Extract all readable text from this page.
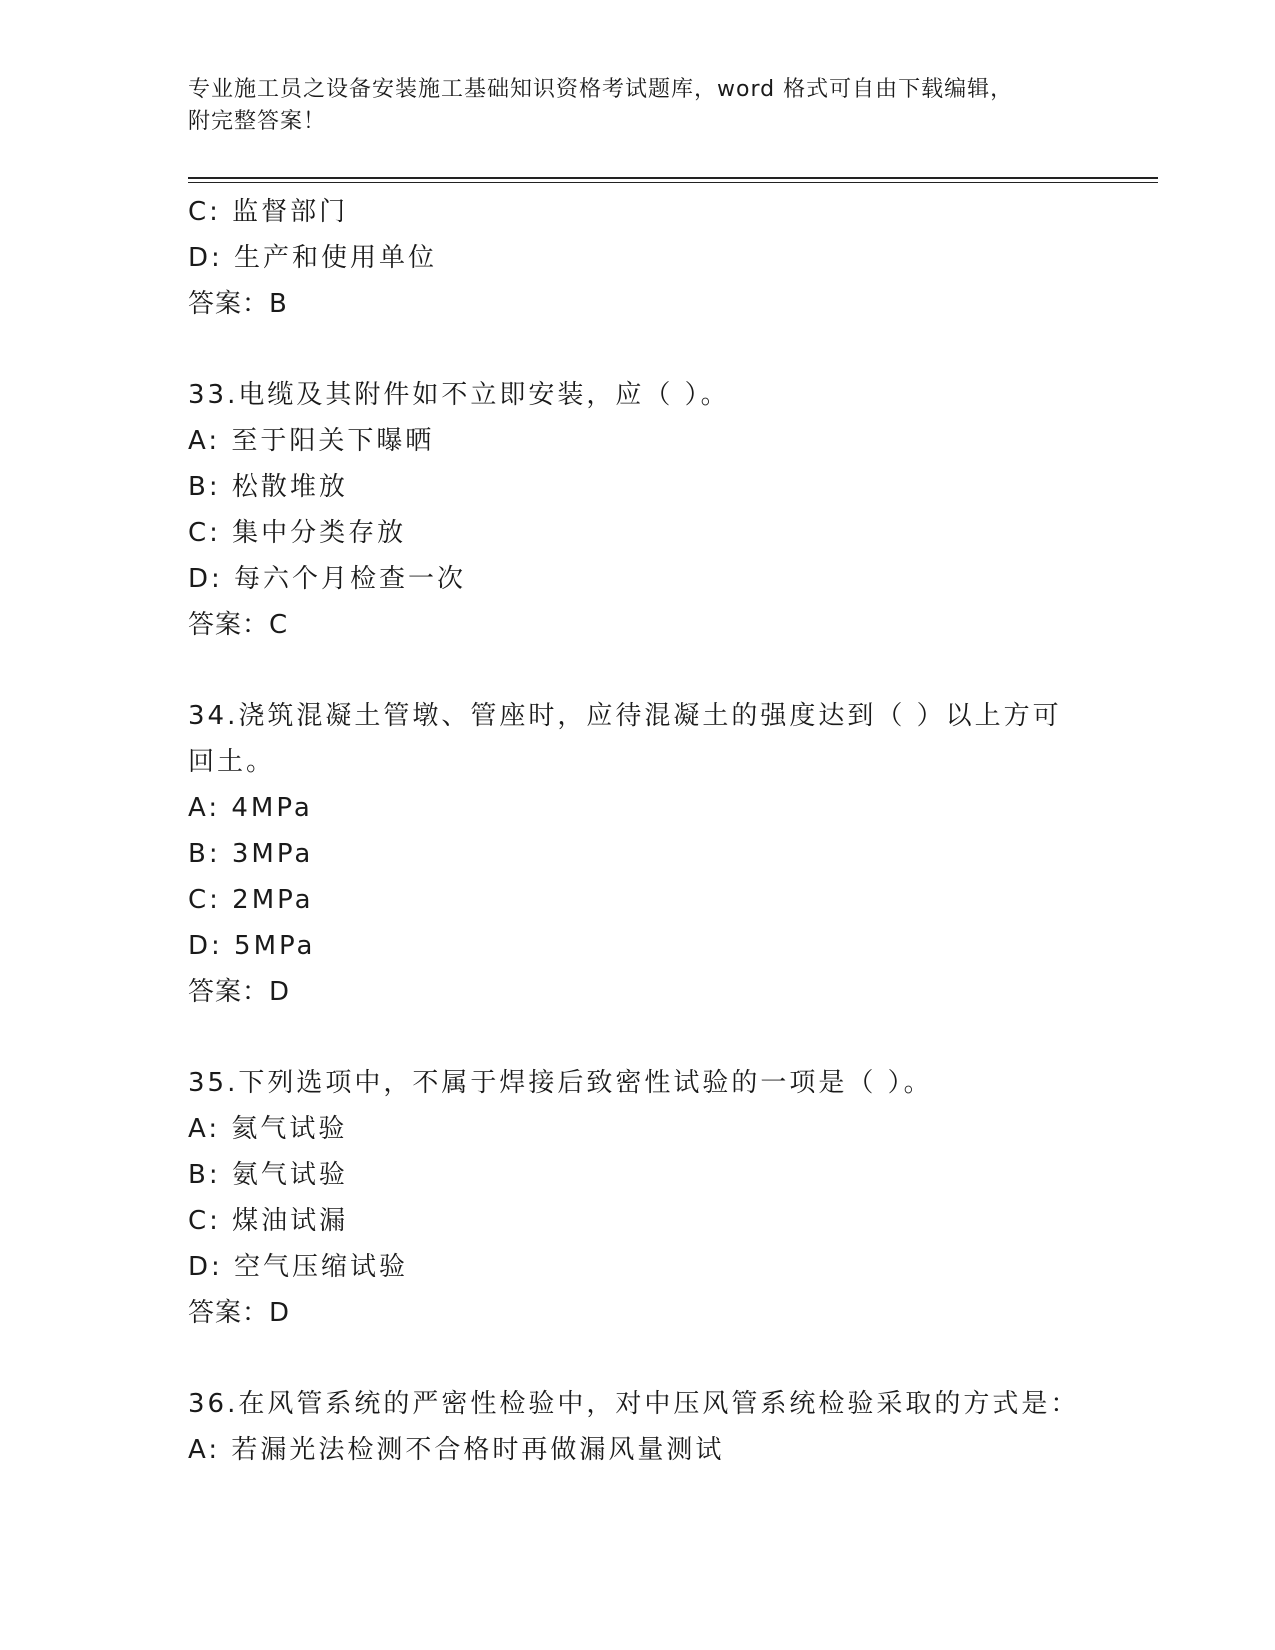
专业施工员之设备安装施工基础知识资格考试题库，word 格式可自由下载编辑，
附完整答案！
C: 监督部门
D: 生产和使用单位
答案：B
33.电缆及其附件如不立即安装，应（ ）。
A: 至于阳关下曝晒
B: 松散堆放
C: 集中分类存放
D: 每六个月检查一次
答案：C
34.浇筑混凝土管墩、管座时，应待混凝土的强度达到（ ）以上方可
回土。
A: 4MPa
B: 3MPa
C: 2MPa
D: 5MPa
答案：D
35.下列选项中，不属于焊接后致密性试验的一项是（ ）。
A: 氦气试验
B: 氨气试验
C: 煤油试漏
D: 空气压缩试验
答案：D
36.在风管系统的严密性检验中，对中压风管系统检验采取的方式是：
A: 若漏光法检测不合格时再做漏风量测试
